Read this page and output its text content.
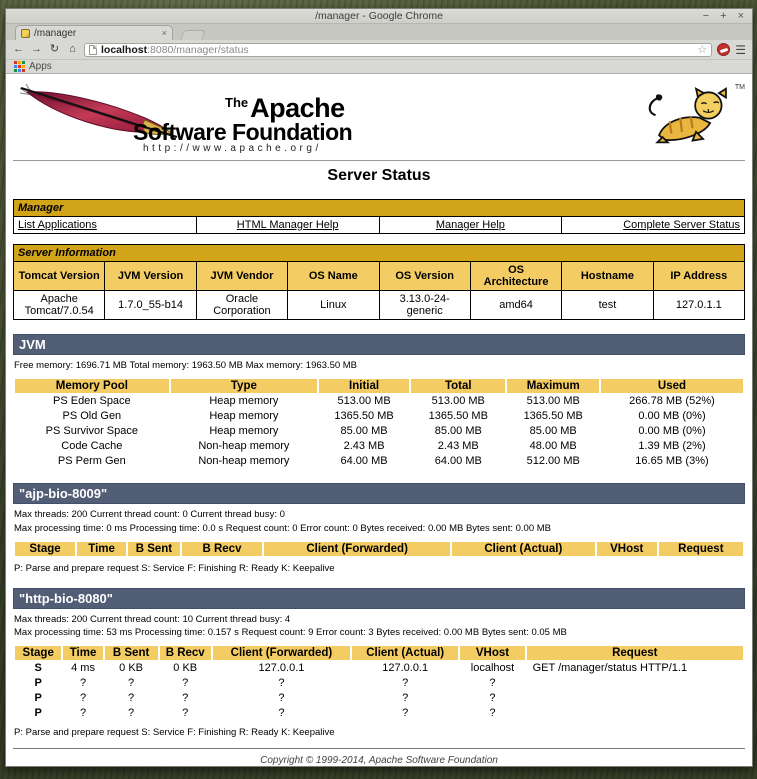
/manager - Google Chrome	− + ×
/manager	×
← → ↻ ⌂	localhost:8080/manager/status	☆ ☰
Apps
$^{The}$Apache
Software Foundation
http://www.apache.org/
TM
Server Status
Manager
List Applications	HTML Manager Help	Manager Help	Complete Server Status
Server Information							
Tomcat Version	JVM Version	JVM Vendor	OS Name	OS Version	OS Architecture	Hostname	IP Address
Apache Tomcat/7.0.54	1.7.0_55-b14	Oracle Corporation	Linux	3.13.0-24-generic	amd64	test	127.0.1.1
JVM
Free memory: 1696.71 MB Total memory: 1963.50 MB Max memory: 1963.50 MB
Memory Pool	Type	Initial	Total	Maximum	Used
PS Eden Space	Heap memory	513.00 MB	513.00 MB	513.00 MB	266.78 MB (52%)
PS Old Gen	Heap memory	1365.50 MB	1365.50 MB	1365.50 MB	0.00 MB (0%)
PS Survivor Space	Heap memory	85.00 MB	85.00 MB	85.00 MB	0.00 MB (0%)
Code Cache	Non-heap memory	2.43 MB	2.43 MB	48.00 MB	1.39 MB (2%)
PS Perm Gen	Non-heap memory	64.00 MB	64.00 MB	512.00 MB	16.65 MB (3%)
"ajp-bio-8009"
Max threads: 200 Current thread count: 0 Current thread busy: 0
Max processing time: 0 ms Processing time: 0.0 s Request count: 0 Error count: 0 Bytes received: 0.00 MB Bytes sent: 0.00 MB
Stage	Time	B Sent	B Recv	Client (Forwarded)	Client (Actual)	VHost	Request
P: Parse and prepare request S: Service F: Finishing R: Ready K: Keepalive
"http-bio-8080"
Max threads: 200 Current thread count: 10 Current thread busy: 4
Max processing time: 53 ms Processing time: 0.157 s Request count: 9 Error count: 3 Bytes received: 0.00 MB Bytes sent: 0.05 MB
Stage	Time	B Sent	B Recv	Client (Forwarded)	Client (Actual)	VHost	Request
S	4 ms	0 KB	0 KB	127.0.0.1	127.0.0.1	localhost	GET /manager/status HTTP/1.1
P	?	?	?	?	?	?	
P	?	?	?	?	?	?	
P	?	?	?	?	?	?	
P: Parse and prepare request S: Service F: Finishing R: Ready K: Keepalive
Copyright © 1999-2014, Apache Software Foundation
